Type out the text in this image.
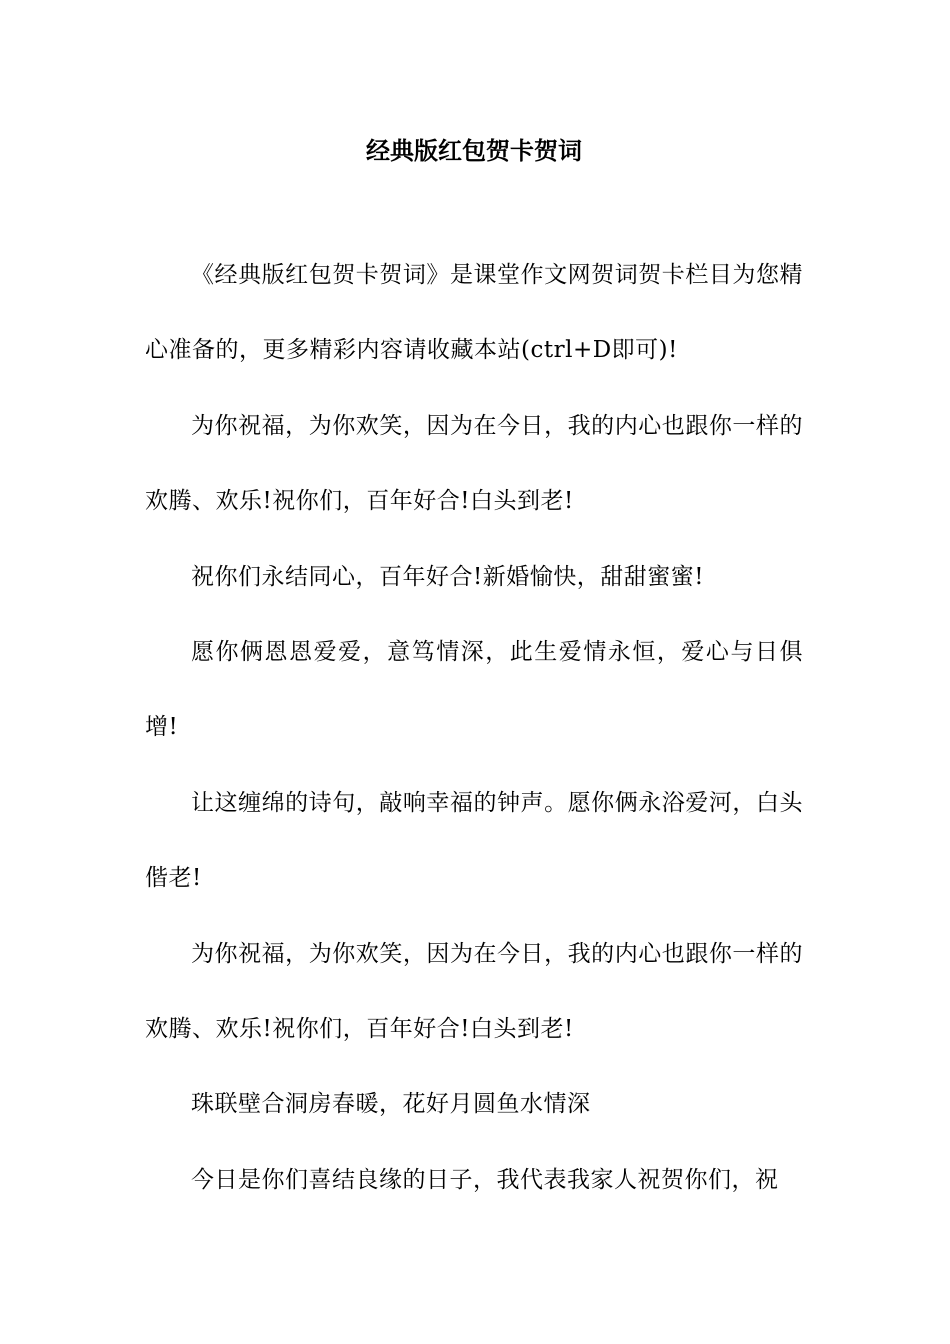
经典版红包贺卡贺词

《经典版红包贺卡贺词》是课堂作文网贺词贺卡栏目为您精心准备的，更多精彩内容请收藏本站(ctrl+D即可)!

为你祝福，为你欢笑，因为在今日，我的内心也跟你一样的欢腾、欢乐!祝你们，百年好合!白头到老!

祝你们永结同心，百年好合!新婚愉快，甜甜蜜蜜!

愿你俩恩恩爱爱，意笃情深，此生爱情永恒，爱心与日俱增!

让这缠绵的诗句，敲响幸福的钟声。愿你俩永浴爱河，白头偕老!

为你祝福，为你欢笑，因为在今日，我的内心也跟你一样的欢腾、欢乐!祝你们，百年好合!白头到老!

珠联壁合洞房春暖，花好月圆鱼水情深

今日是你们喜结良缘的日子，我代表我家人祝贺你们，祝
